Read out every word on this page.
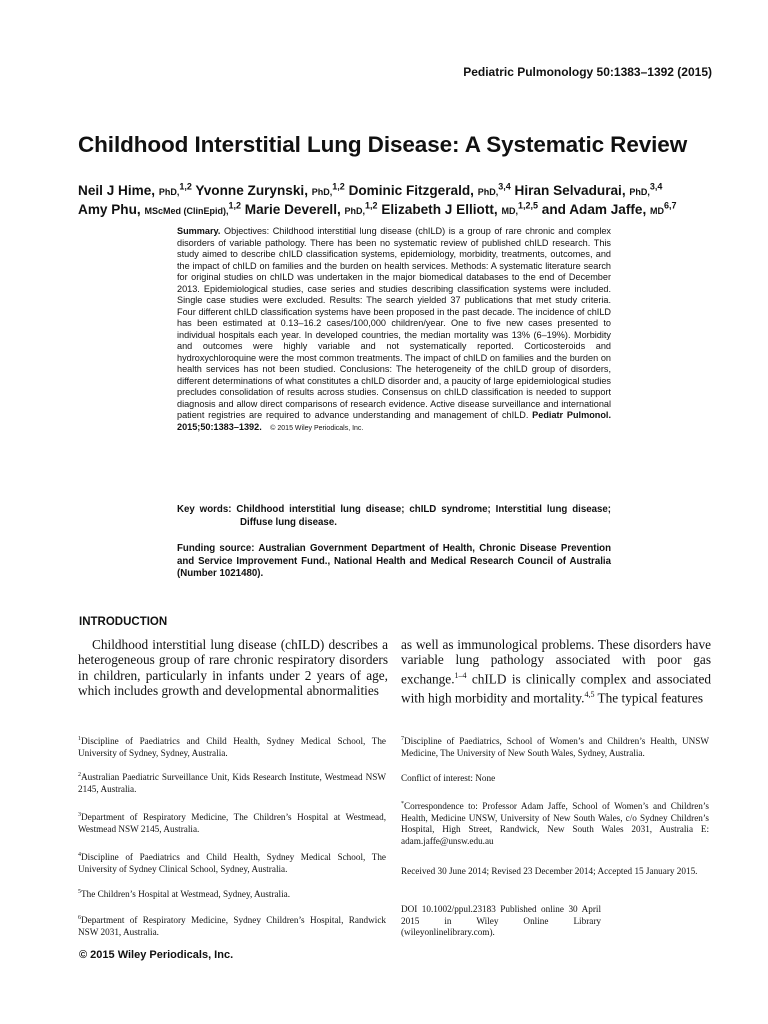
Pediatric Pulmonology 50:1383–1392 (2015)
Childhood Interstitial Lung Disease: A Systematic Review
Neil J Hime, PhD,$^{1,2}$ Yvonne Zurynski, PhD,$^{1,2}$ Dominic Fitzgerald, PhD,$^{3,4}$ Hiran Selvadurai, PhD,$^{3,4}$
Amy Phu, MScMed (ClinEpid),$^{1,2}$ Marie Deverell, PhD,$^{1,2}$ Elizabeth J Elliott, MD,$^{1,2,5}$ and Adam Jaffe, MD$^{6,7}$
Summary. Objectives: Childhood interstitial lung disease (chILD) is a group of rare chronic and complex disorders of variable pathology. There has been no systematic review of published chILD research. This study aimed to describe chILD classification systems, epidemiology, morbidity, treatments, outcomes, and the impact of chILD on families and the burden on health services. Methods: A systematic literature search for original studies on chILD was undertaken in the major biomedical databases to the end of December 2013. Epidemiological studies, case series and studies describing classification systems were included. Single case studies were excluded. Results: The search yielded 37 publications that met study criteria. Four different chILD classification systems have been proposed in the past decade. The incidence of chILD has been estimated at 0.13–16.2 cases/100,000 children/year. One to five new cases presented to individual hospitals each year. In developed countries, the median mortality was 13% (6–19%). Morbidity and outcomes were highly variable and not systematically reported. Corticosteroids and hydroxychloroquine were the most common treatments. The impact of chILD on families and the burden on health services has not been studied. Conclusions: The heterogeneity of the chILD group of disorders, different determinations of what constitutes a chILD disorder and, a paucity of large epidemiological studies precludes consolidation of results across studies. Consensus on chILD classification is needed to support diagnosis and allow direct comparisons of research evidence. Active disease surveillance and international patient registries are required to advance understanding and management of chILD. Pediatr Pulmonol. 2015;50:1383–1392. © 2015 Wiley Periodicals, Inc.
Key words: Childhood interstitial lung disease; chILD syndrome; Interstitial lung disease; Diffuse lung disease.
Funding source: Australian Government Department of Health, Chronic Disease Prevention and Service Improvement Fund., National Health and Medical Research Council of Australia (Number 1021480).
INTRODUCTION
Childhood interstitial lung disease (chILD) describes a heterogeneous group of rare chronic respiratory disorders in children, particularly in infants under 2 years of age, which includes growth and developmental abnormalities
as well as immunological problems. These disorders have variable lung pathology associated with poor gas exchange.$^{1-4}$ chILD is clinically complex and associated with high morbidity and mortality.$^{4,5}$ The typical features
$^1$Discipline of Paediatrics and Child Health, Sydney Medical School, The University of Sydney, Sydney, Australia.
$^2$Australian Paediatric Surveillance Unit, Kids Research Institute, Westmead NSW 2145, Australia.
$^3$Department of Respiratory Medicine, The Children’s Hospital at Westmead, Westmead NSW 2145, Australia.
$^4$Discipline of Paediatrics and Child Health, Sydney Medical School, The University of Sydney Clinical School, Sydney, Australia.
$^5$The Children’s Hospital at Westmead, Sydney, Australia.
$^6$Department of Respiratory Medicine, Sydney Children’s Hospital, Randwick NSW 2031, Australia.
$^7$Discipline of Paediatrics, School of Women’s and Children’s Health, UNSW Medicine, The University of New South Wales, Sydney, Australia.
Conflict of interest: None
*Correspondence to: Professor Adam Jaffe, School of Women’s and Children’s Health, Medicine UNSW, University of New South Wales, c/o Sydney Children’s Hospital, High Street, Randwick, New South Wales 2031, Australia E: adam.jaffe@unsw.edu.au
Received 30 June 2014; Revised 23 December 2014; Accepted 15 January 2015.
DOI 10.1002/ppul.23183 Published online 30 April 2015 in Wiley Online Library (wileyonlinelibrary.com).
© 2015 Wiley Periodicals, Inc.
